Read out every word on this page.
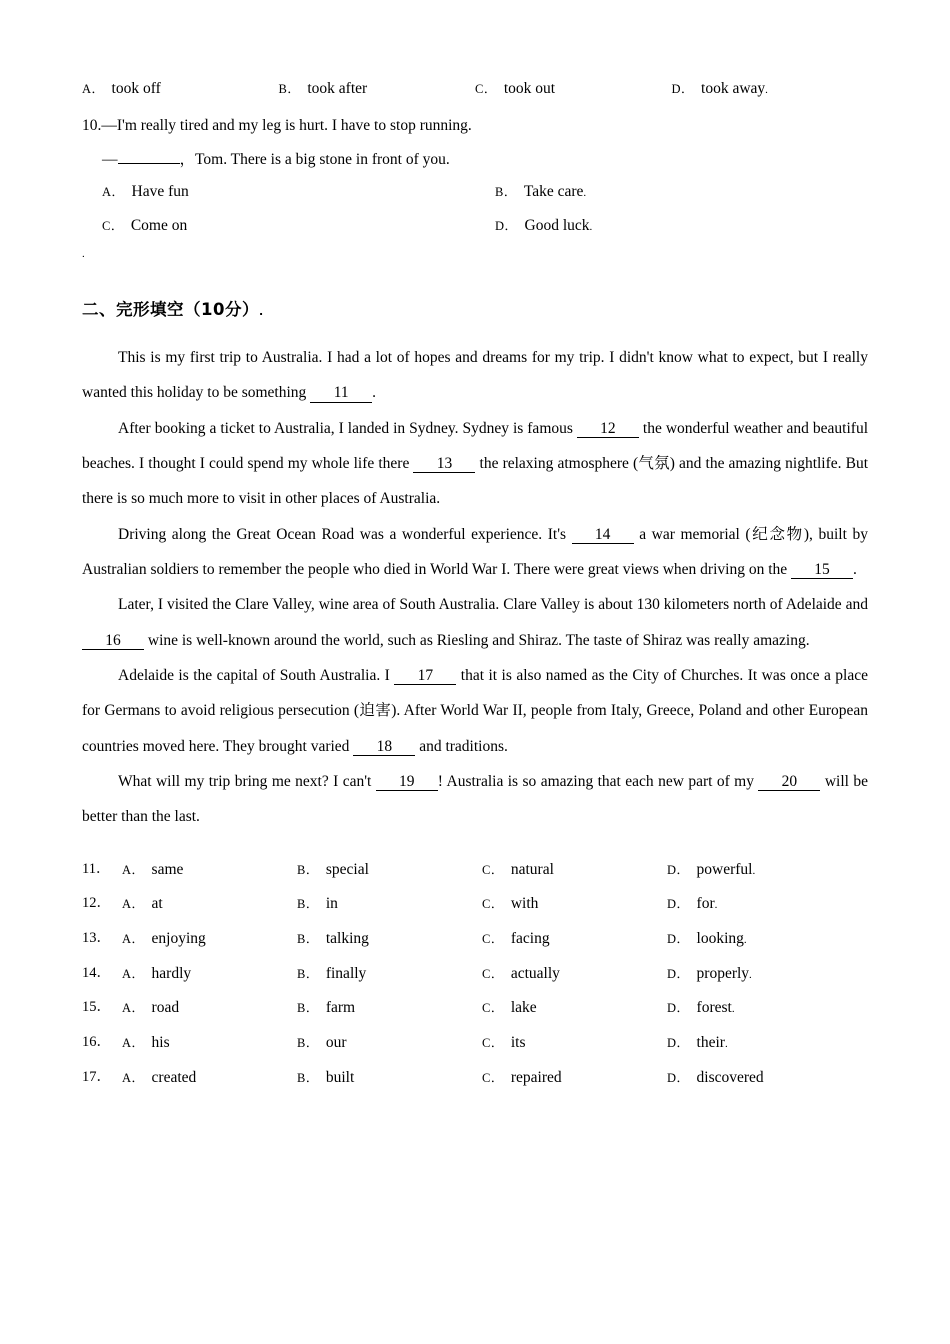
A． took off	B． took after	C． took out	D． took away.
10.—I'm really tired and my leg is hurt. I have to stop running.
—	，Tom. There is a big stone in front of you.
A． Have fun	B． Take care.
C． Come on	D． Good luck.
.
二、完形填空（10分）.
This is my first trip to Australia. I had a lot of hopes and dreams for my trip. I didn't know what to expect, but I really wanted this holiday to be something 11 .
After booking a ticket to Australia, I landed in Sydney. Sydney is famous 12 the wonderful weather and beautiful beaches. I thought I could spend my whole life there 13 the relaxing atmosphere (气氛) and the amazing nightlife. But there is so much more to visit in other places of Australia.
Driving along the Great Ocean Road was a wonderful experience. It's 14 a war memorial (纪念物), built by Australian soldiers to remember the people who died in World War I. There were great views when driving on the 15 .
Later, I visited the Clare Valley, wine area of South Australia. Clare Valley is about 130 kilometers north of Adelaide and 16 wine is well-known around the world, such as Riesling and Shiraz. The taste of Shiraz was really amazing.
Adelaide is the capital of South Australia. I 17 that it is also named as the City of Churches. It was once a place for Germans to avoid religious persecution (迫害). After World War II, people from Italy, Greece, Poland and other European countries moved here. They brought varied 18 and traditions.
What will my trip bring me next? I can't 19 ! Australia is so amazing that each new part of my 20 will be better than the last.
11． A． same	B． special	C． natural	D． powerful.
12． A． at	B． in	C． with	D． for.
13． A． enjoying	B． talking	C． facing	D． looking.
14． A． hardly	B． finally	C． actually	D． properly.
15． A． road	B． farm	C． lake	D． forest.
16． A． his	B． our	C． its	D． their.
17． A． created	B． built	C． repaired	D． discovered
